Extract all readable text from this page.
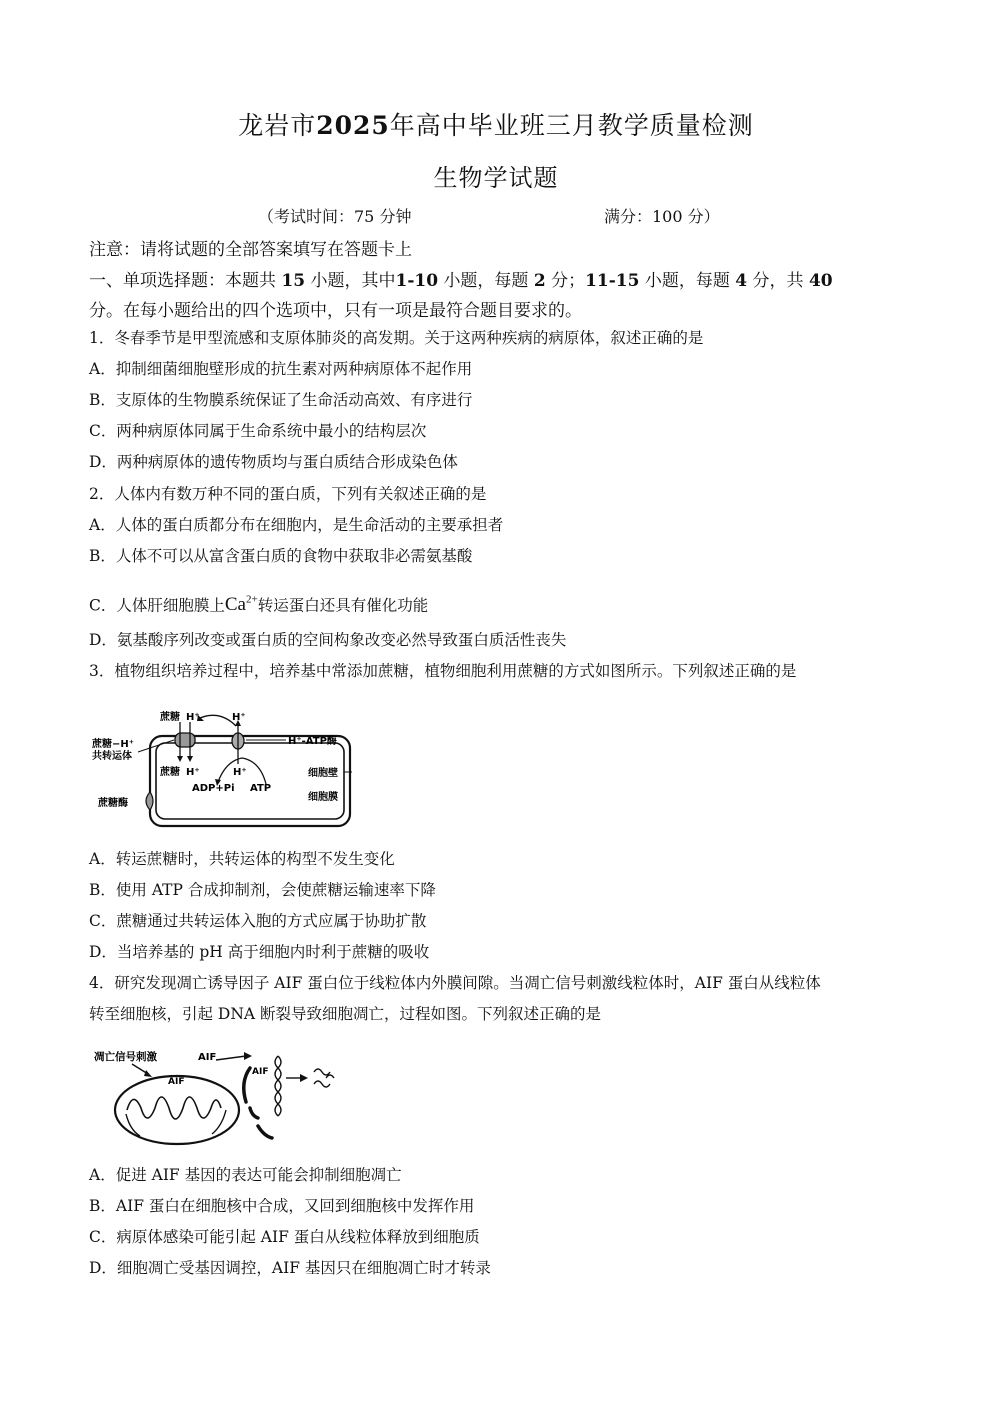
龙岩市2025年高中毕业班三月教学质量检测
生物学试题
（考试时间：75 分钟	满分：100 分）
注意：请将试题的全部答案填写在答题卡上
一、单项选择题：本题共 15 小题，其中1-10 小题，每题 2 分；11-15 小题，每题 4 分，共 40
分。在每小题给出的四个选项中，只有一项是最符合题目要求的。
1．冬春季节是甲型流感和支原体肺炎的高发期。关于这两种疾病的病原体，叙述正确的是
A．抑制细菌细胞壁形成的抗生素对两种病原体不起作用
B．支原体的生物膜系统保证了生命活动高效、有序进行
C．两种病原体同属于生命系统中最小的结构层次
D．两种病原体的遗传物质均与蛋白质结合形成染色体
2．人体内有数万种不同的蛋白质，下列有关叙述正确的是
A．人体的蛋白质都分布在细胞内，是生命活动的主要承担者
B．人体不可以从富含蛋白质的食物中获取非必需氨基酸
C．人体肝细胞膜上$Ca^{2+}$转运蛋白还具有催化功能
D．氨基酸序列改变或蛋白质的空间构象改变必然导致蛋白质活性丧失
3．植物组织培养过程中，培养基中常添加蔗糖，植物细胞利用蔗糖的方式如图所示。下列叙述正确的是
蔗糖 H⁺	H⁺
蔗糖−H⁺
共转运体
H⁺-ATP酶
蔗糖 H⁺	H⁺
ADP+Pi ATP
细胞壁
细胞膜
蔗糖酶
A．转运蔗糖时，共转运体的构型不发生变化
B．使用 ATP 合成抑制剂，会使蔗糖运输速率下降
C．蔗糖通过共转运体入胞的方式应属于协助扩散
D．当培养基的 pH 高于细胞内时利于蔗糖的吸收
4．研究发现凋亡诱导因子 AIF 蛋白位于线粒体内外膜间隙。当凋亡信号刺激线粒体时，AIF 蛋白从线粒体
转至细胞核，引起 DNA 断裂导致细胞凋亡，过程如图。下列叙述正确的是
凋亡信号刺激
AIF
AIF
AIF
A．促进 AIF 基因的表达可能会抑制细胞凋亡
B．AIF 蛋白在细胞核中合成，又回到细胞核中发挥作用
C．病原体感染可能引起 AIF 蛋白从线粒体释放到细胞质
D．细胞凋亡受基因调控，AIF 基因只在细胞凋亡时才转录
